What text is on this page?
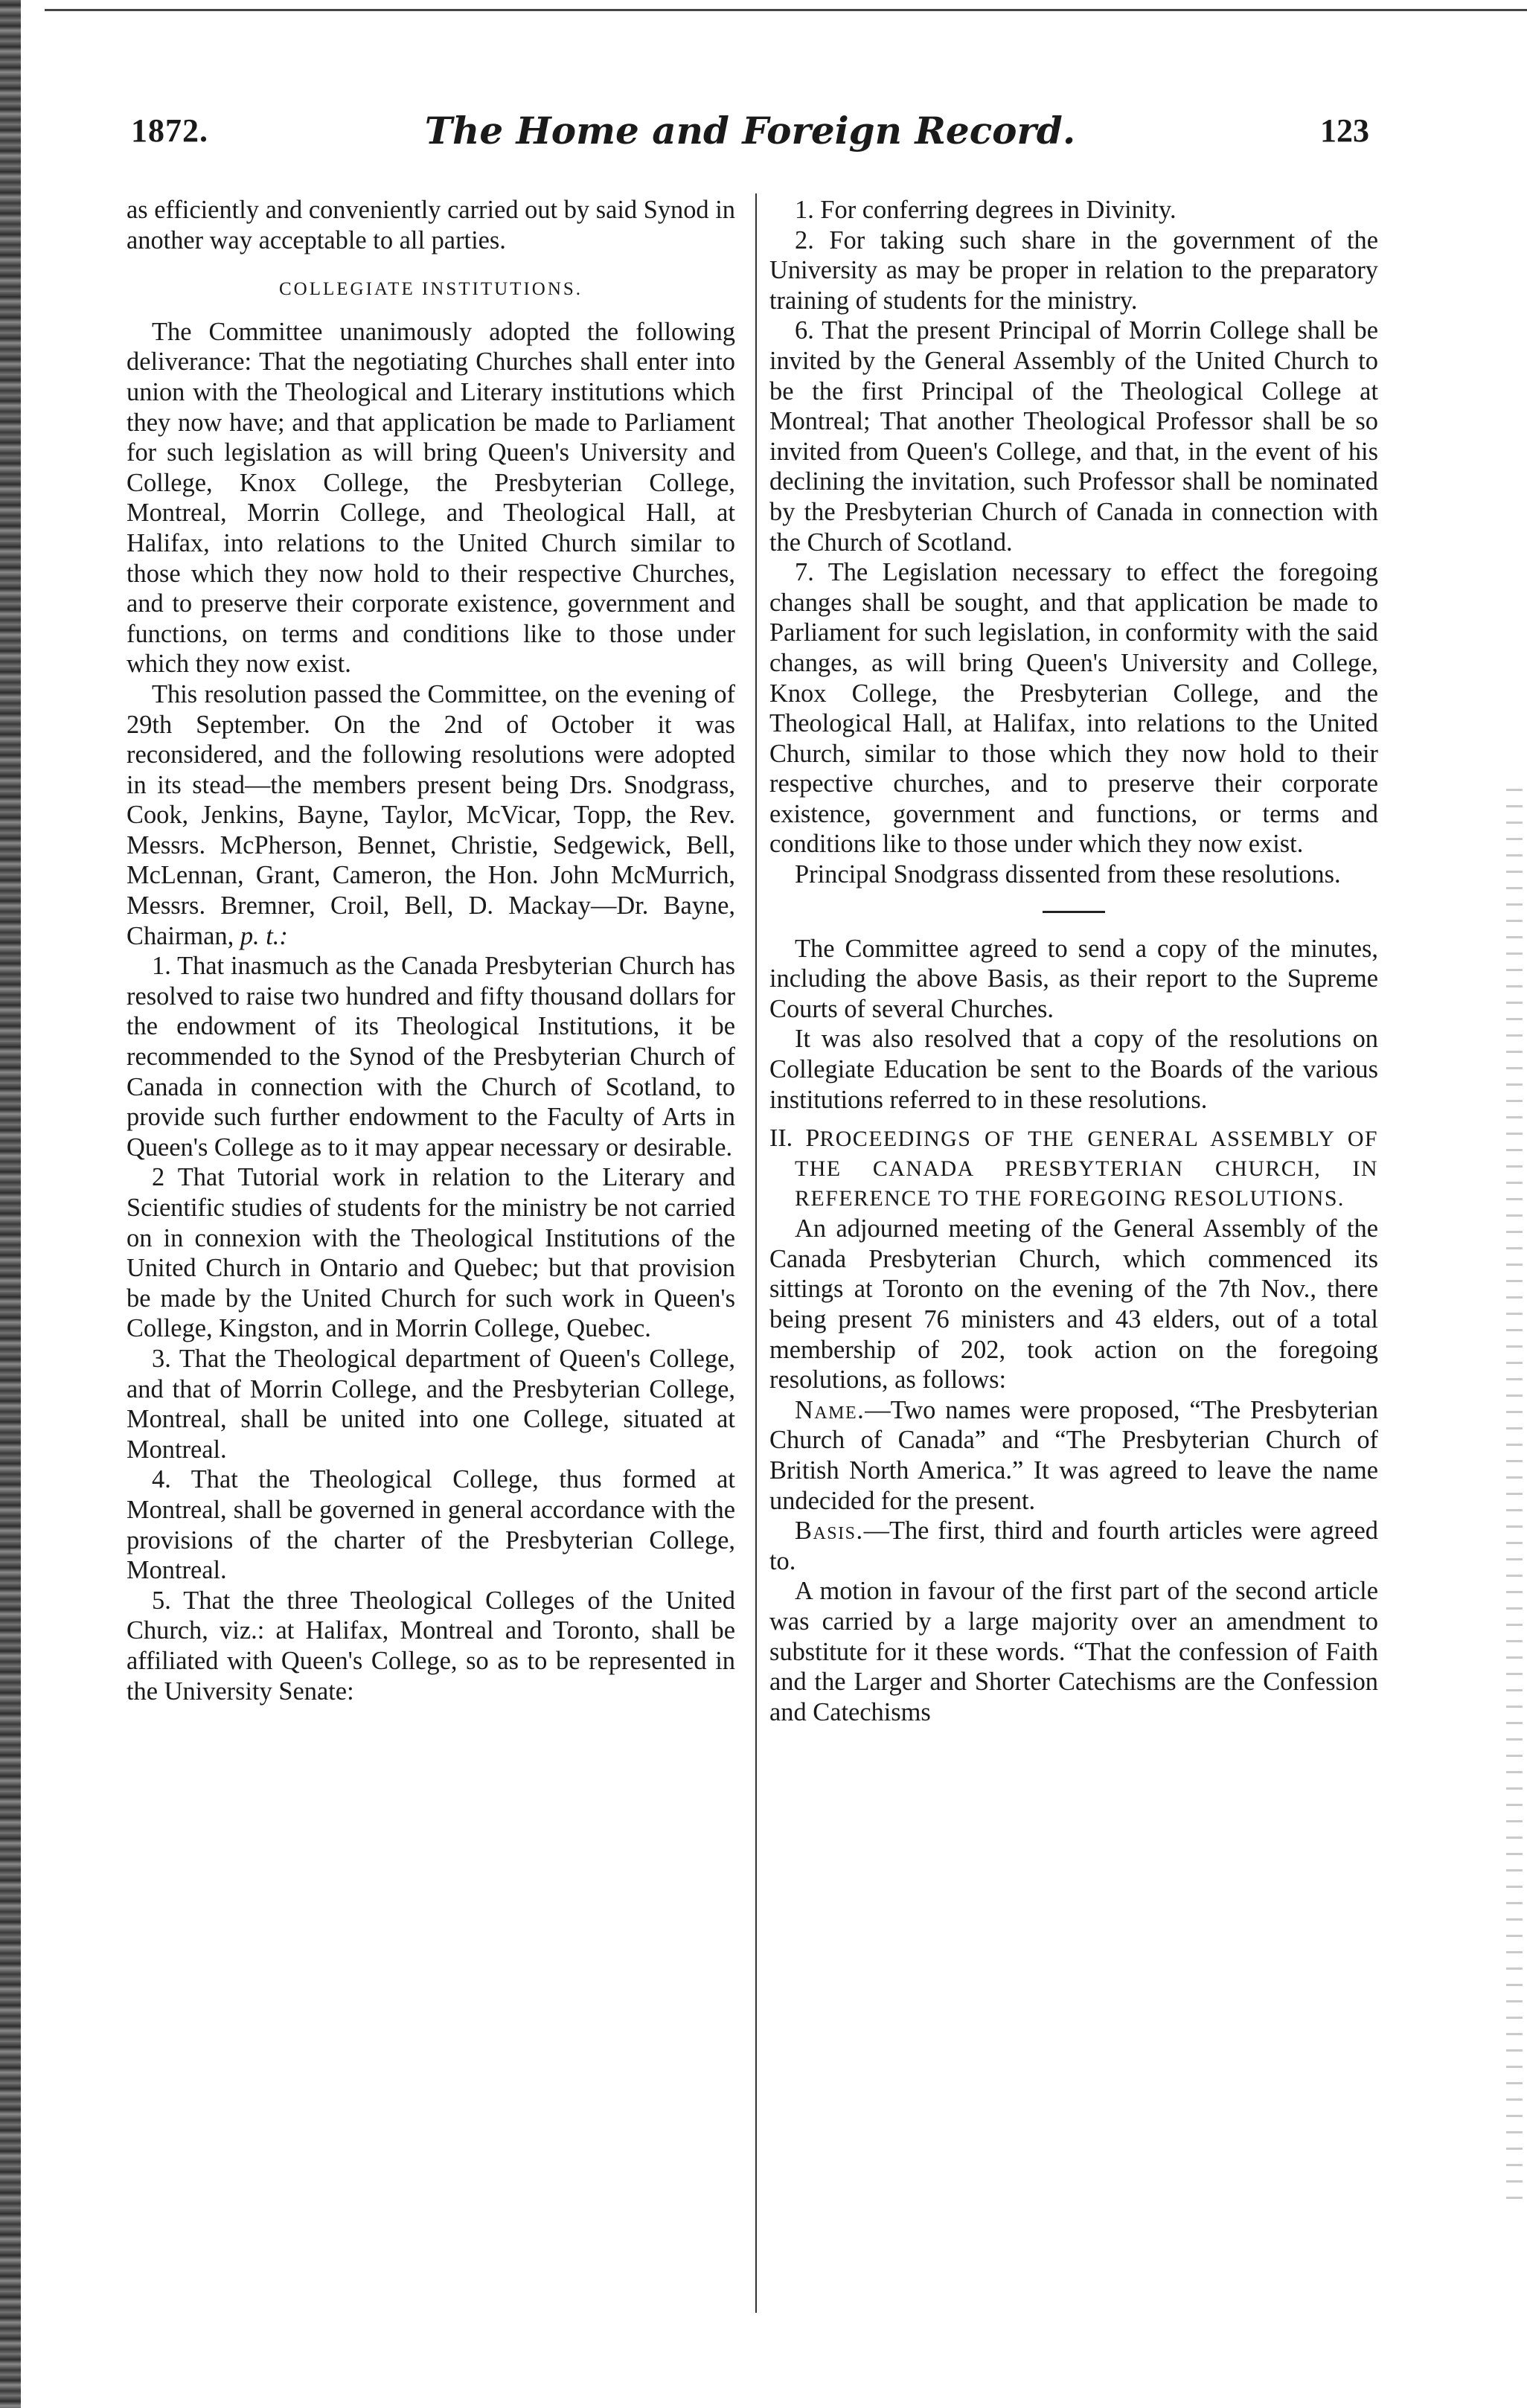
1872.	The Home and Foreign Record.	123

as efficiently and conveniently carried out by said Synod in another way acceptable to all parties.

COLLEGIATE INSTITUTIONS.

The Committee unanimously adopted the following deliverance: That the negotiating Churches shall enter into union with the Theological and Literary institutions which they now have; and that application be made to Parliament for such legislation as will bring Queen's University and College, Knox College, the Presbyterian College, Montreal, Morrin College, and Theological Hall, at Halifax, into relations to the United Church similar to those which they now hold to their respective Churches, and to preserve their corporate existence, government and functions, on terms and conditions like to those under which they now exist.

This resolution passed the Committee, on the evening of 29th September. On the 2nd of October it was reconsidered, and the following resolutions were adopted in its stead—the members present being Drs. Snodgrass, Cook, Jenkins, Bayne, Taylor, McVicar, Topp, the Rev. Messrs. McPherson, Bennet, Christie, Sedgewick, Bell, McLennan, Grant, Cameron, the Hon. John McMurrich, Messrs. Bremner, Croil, Bell, D. Mackay—Dr. Bayne, Chairman, p. t.:

1. That inasmuch as the Canada Presbyterian Church has resolved to raise two hundred and fifty thousand dollars for the endowment of its Theological Institutions, it be recommended to the Synod of the Presbyterian Church of Canada in connection with the Church of Scotland, to provide such further endowment to the Faculty of Arts in Queen's College as to it may appear necessary or desirable.

2 That Tutorial work in relation to the Literary and Scientific studies of students for the ministry be not carried on in connexion with the Theological Institutions of the United Church in Ontario and Quebec; but that provision be made by the United Church for such work in Queen's College, Kingston, and in Morrin College, Quebec.

3. That the Theological department of Queen's College, and that of Morrin College, and the Presbyterian College, Montreal, shall be united into one College, situated at Montreal.

4. That the Theological College, thus formed at Montreal, shall be governed in general accordance with the provisions of the charter of the Presbyterian College, Montreal.

5. That the three Theological Colleges of the United Church, viz.: at Halifax, Montreal and Toronto, shall be affiliated with Queen's College, so as to be represented in the University Senate:

1. For conferring degrees in Divinity.

2. For taking such share in the government of the University as may be proper in relation to the preparatory training of students for the ministry.

6. That the present Principal of Morrin College shall be invited by the General Assembly of the United Church to be the first Principal of the Theological College at Montreal; That another Theological Professor shall be so invited from Queen's College, and that, in the event of his declining the invitation, such Professor shall be nominated by the Presbyterian Church of Canada in connection with the Church of Scotland.

7. The Legislation necessary to effect the foregoing changes shall be sought, and that application be made to Parliament for such legislation, in conformity with the said changes, as will bring Queen's University and College, Knox College, the Presbyterian College, and the Theological Hall, at Halifax, into relations to the United Church, similar to those which they now hold to their respective churches, and to preserve their corporate existence, government and functions, or terms and conditions like to those under which they now exist.

Principal Snodgrass dissented from these resolutions.

The Committee agreed to send a copy of the minutes, including the above Basis, as their report to the Supreme Courts of several Churches.

It was also resolved that a copy of the resolutions on Collegiate Education be sent to the Boards of the various institutions referred to in these resolutions.

II. PROCEEDINGS OF THE GENERAL ASSEMBLY OF THE CANADA PRESBYTERIAN CHURCH, IN REFERENCE TO THE FOREGOING RESOLUTIONS.

An adjourned meeting of the General Assembly of the Canada Presbyterian Church, which commenced its sittings at Toronto on the evening of the 7th Nov., there being present 76 ministers and 43 elders, out of a total membership of 202, took action on the foregoing resolutions, as follows:

Name.—Two names were proposed, “The Presbyterian Church of Canada” and “The Presbyterian Church of British North America.” It was agreed to leave the name undecided for the present.

Basis.—The first, third and fourth articles were agreed to.

A motion in favour of the first part of the second article was carried by a large majority over an amendment to substitute for it these words. “That the confession of Faith and the Larger and Shorter Catechisms are the Confession and Catechisms
